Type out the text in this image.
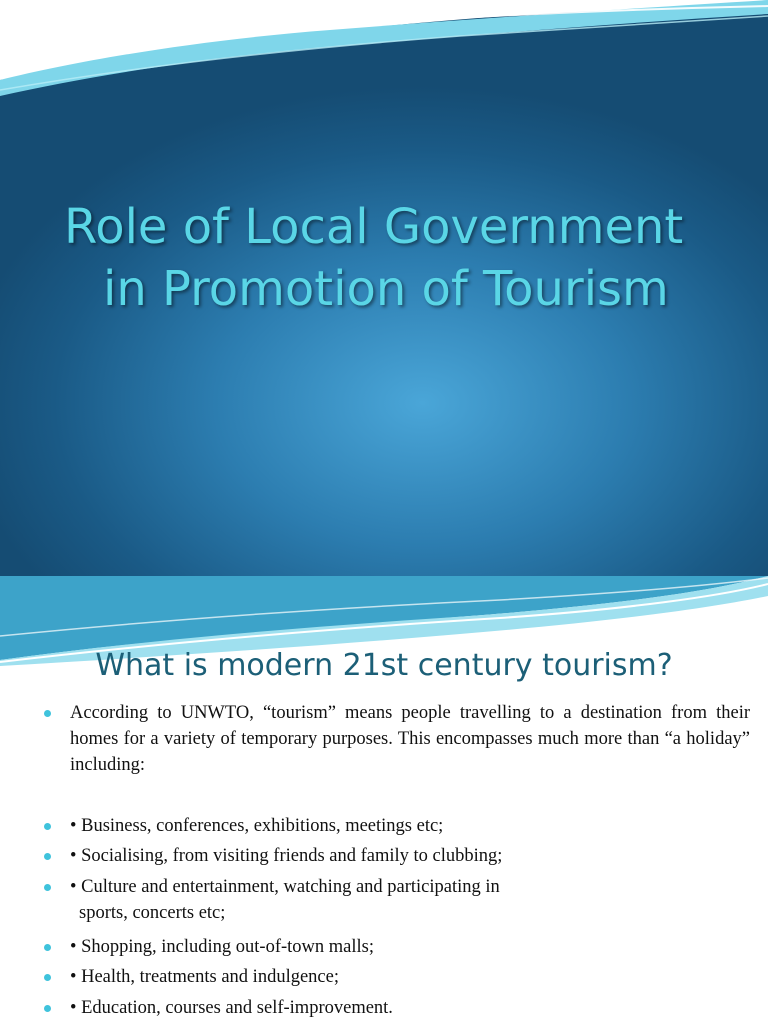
Role of Local Government
in Promotion of Tourism
What is modern 21st century tourism?
According to UNWTO, “tourism” means people travelling to a destination from their homes for a variety of temporary purposes. This encompasses much more than “a holiday” including:
• Business, conferences, exhibitions, meetings etc;
• Socialising, from visiting friends and family to clubbing;
• Culture and entertainment, watching and participating in
sports, concerts etc;
• Shopping, including out-of-town malls;
• Health, treatments and indulgence;
• Education, courses and self-improvement.
